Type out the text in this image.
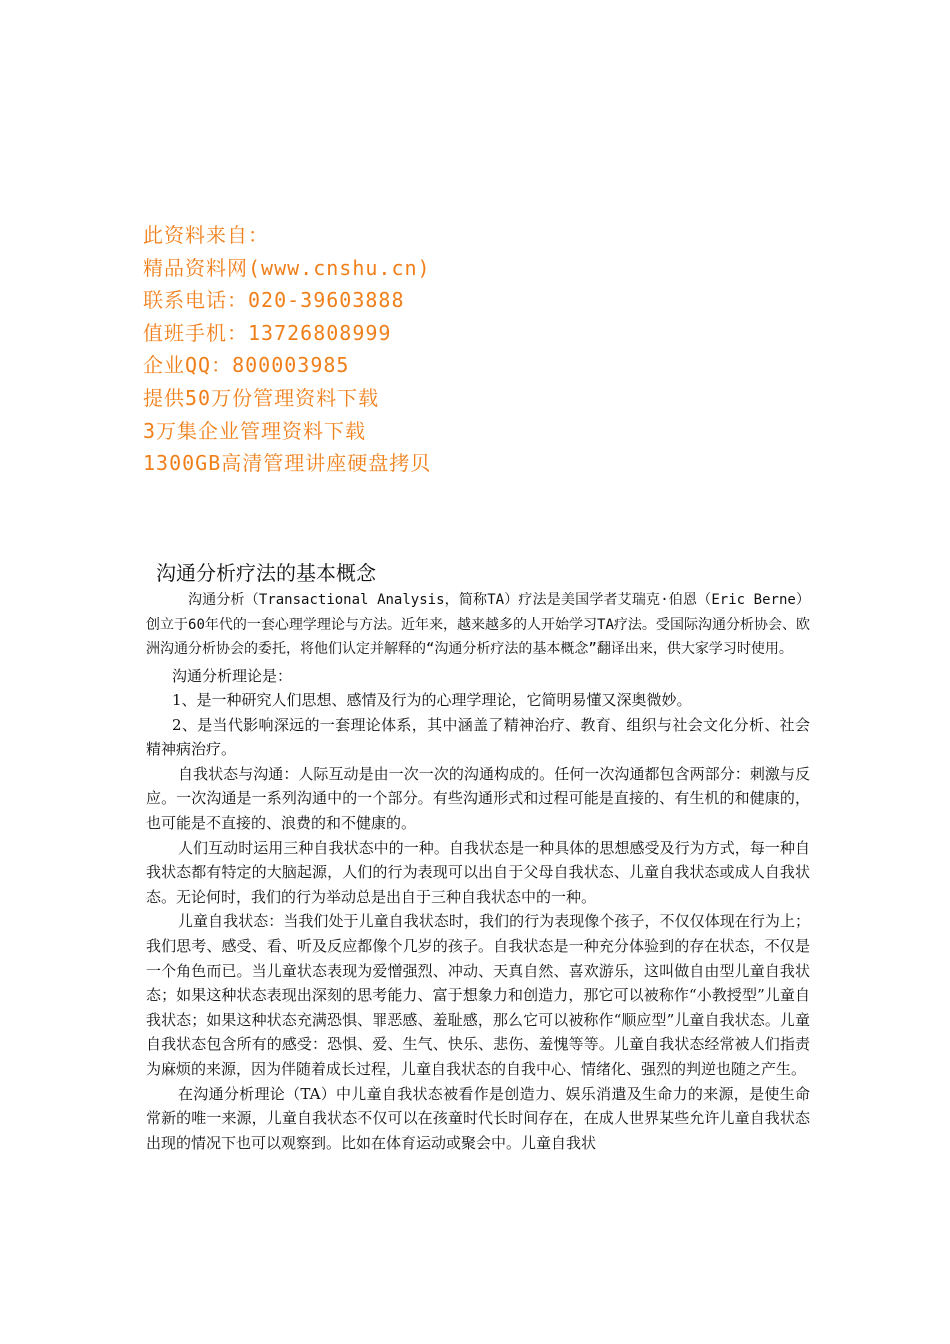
此资料来自：
精品资料网(www.cnshu.cn)
联系电话：020-39603888
值班手机：13726808999
企业QQ：800003985
提供50万份管理资料下载
3万集企业管理资料下载
1300GB高清管理讲座硬盘拷贝
沟通分析疗法的基本概念

沟通分析（Transactional Analysis，简称TA）疗法是美国学者艾瑞克·伯恩（Eric Berne）创立于60年代的一套心理学理论与方法。近年来，越来越多的人开始学习TA疗法。受国际沟通分析协会、欧洲沟通分析协会的委托，将他们认定并解释的“沟通分析疗法的基本概念”翻译出来，供大家学习时使用。

沟通分析理论是：

1、是一种研究人们思想、感情及行为的心理学理论，它简明易懂又深奥微妙。

2、是当代影响深远的一套理论体系，其中涵盖了精神治疗、教育、组织与社会文化分析、社会精神病治疗。

自我状态与沟通：人际互动是由一次一次的沟通构成的。任何一次沟通都包含两部分：刺激与反应。一次沟通是一系列沟通中的一个部分。有些沟通形式和过程可能是直接的、有生机的和健康的，也可能是不直接的、浪费的和不健康的。

人们互动时运用三种自我状态中的一种。自我状态是一种具体的思想感受及行为方式，每一种自我状态都有特定的大脑起源，人们的行为表现可以出自于父母自我状态、儿童自我状态或成人自我状态。无论何时，我们的行为举动总是出自于三种自我状态中的一种。

儿童自我状态：当我们处于儿童自我状态时，我们的行为表现像个孩子，不仅仅体现在行为上；我们思考、感受、看、听及反应都像个几岁的孩子。自我状态是一种充分体验到的存在状态，不仅是一个角色而已。当儿童状态表现为爱憎强烈、冲动、天真自然、喜欢游乐，这叫做自由型儿童自我状态；如果这种状态表现出深刻的思考能力、富于想象力和创造力，那它可以被称作“小教授型”儿童自我状态；如果这种状态充满恐惧、罪恶感、羞耻感，那么它可以被称作“顺应型”儿童自我状态。儿童自我状态包含所有的感受：恐惧、爱、生气、快乐、悲伤、羞愧等等。儿童自我状态经常被人们指责为麻烦的来源，因为伴随着成长过程，儿童自我状态的自我中心、情绪化、强烈的判逆也随之产生。

在沟通分析理论（TA）中儿童自我状态被看作是创造力、娱乐消遣及生命力的来源，是使生命常新的唯一来源，儿童自我状态不仅可以在孩童时代长时间存在，在成人世界某些允许儿童自我状态出现的情况下也可以观察到。比如在体育运动或聚会中。儿童自我状
